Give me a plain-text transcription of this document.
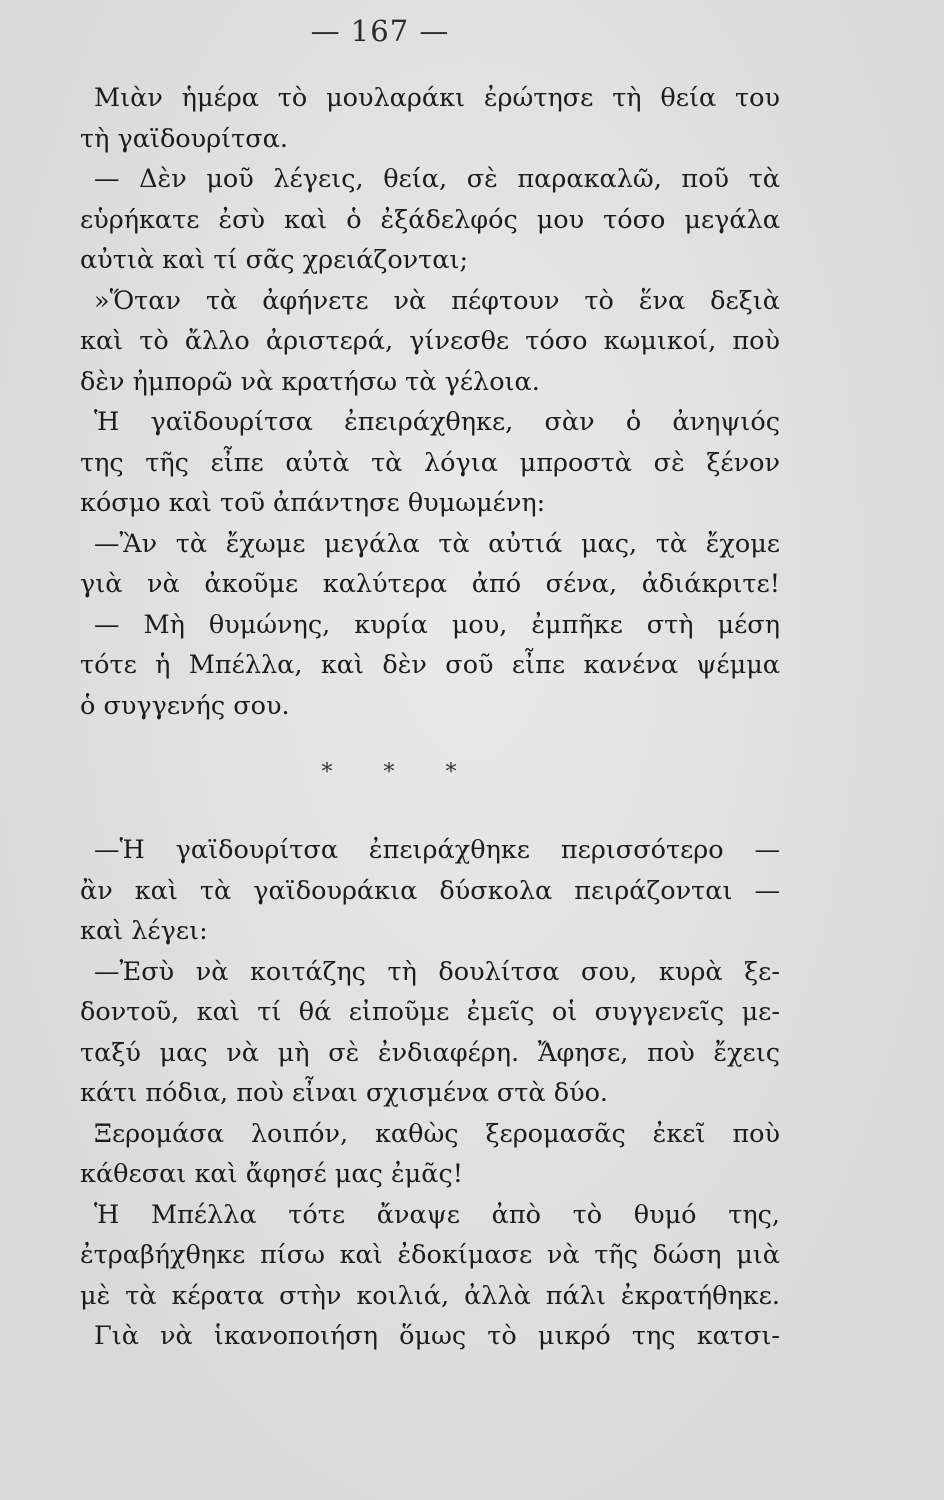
— 167 —
Μιὰν ἡμέρα τὸ μουλαράκι ἐρώτησε τὴ θεία του
τὴ γαϊδουρίτσα.
— Δὲν μοῦ λέγεις, θεία, σὲ παρακαλῶ, ποῦ τὰ
εὑρήκατε ἐσὺ καὶ ὁ ἐξάδελφός μου τόσο μεγάλα
αὐτιὰ καὶ τί σᾶς χρειάζονται;
»Ὅταν τὰ ἀφήνετε νὰ πέφτουν τὸ ἕνα δεξιὰ
καὶ τὸ ἄλλο ἀριστερά, γίνεσθε τόσο κωμικοί, ποὺ
δὲν ἠμπορῶ νὰ κρατήσω τὰ γέλοια.
Ἡ γαϊδουρίτσα ἐπειράχθηκε, σὰν ὁ ἀνηψιός
της τῆς εἶπε αὐτὰ τὰ λόγια μπροστὰ σὲ ξένον
κόσμο καὶ τοῦ ἀπάντησε θυμωμένη:
—Ἂν τὰ ἔχωμε μεγάλα τὰ αὐτιά μας, τὰ ἔχομε
γιὰ νὰ ἀκοῦμε καλύτερα ἀπό σένα, ἀδιάκριτε!
— Μὴ θυμώνης, κυρία μου, ἐμπῆκε στὴ μέση
τότε ἡ Μπέλλα, καὶ δὲν σοῦ εἶπε κανένα ψέμμα
ὁ συγγενής σου.
* * *
—Ἡ γαϊδουρίτσα ἐπειράχθηκε περισσότερο —
ἂν καὶ τὰ γαϊδουράκια δύσκολα πειράζονται —
καὶ λέγει:
—Ἐσὺ νὰ κοιτάζης τὴ δουλίτσα σου, κυρὰ ξε-
δοντοῦ, καὶ τί θά εἰποῦμε ἐμεῖς οἱ συγγενεῖς με-
ταξύ μας νὰ μὴ σὲ ἐνδιαφέρη. Ἄφησε, ποὺ ἔχεις
κάτι πόδια, ποὺ εἶναι σχισμένα στὰ δύο.
Ξερομάσα λοιπόν, καθὼς ξερομασᾶς ἐκεῖ ποὺ
κάθεσαι καὶ ἄφησέ μας ἐμᾶς!
Ἡ Μπέλλα τότε ἄναψε ἀπὸ τὸ θυμό της,
ἐτραβήχθηκε πίσω καὶ ἐδοκίμασε νὰ τῆς δώση μιὰ
μὲ τὰ κέρατα στὴν κοιλιά, ἀλλὰ πάλι ἐκρατήθηκε.
Γιὰ νὰ ἱκανοποιήση ὅμως τὸ μικρό της κατσι-
